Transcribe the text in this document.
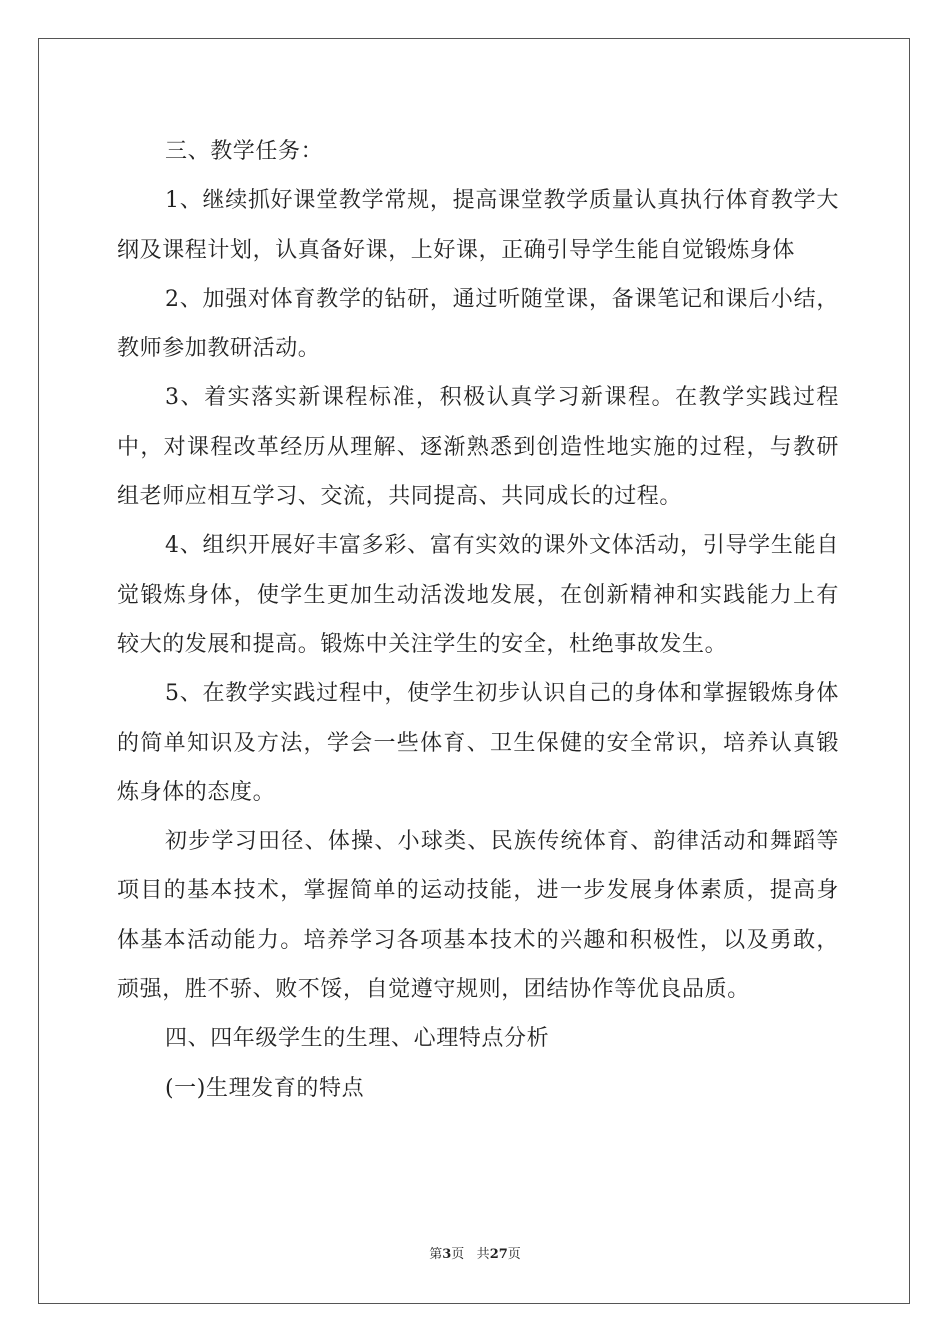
三、教学任务：

1、继续抓好课堂教学常规，提高课堂教学质量认真执行体育教学大纲及课程计划，认真备好课，上好课，正确引导学生能自觉锻炼身体

2、加强对体育教学的钻研，通过听随堂课，备课笔记和课后小结，教师参加教研活动。

3、着实落实新课程标准，积极认真学习新课程。在教学实践过程中，对课程改革经历从理解、逐渐熟悉到创造性地实施的过程，与教研组老师应相互学习、交流，共同提高、共同成长的过程。

4、组织开展好丰富多彩、富有实效的课外文体活动，引导学生能自觉锻炼身体，使学生更加生动活泼地发展，在创新精神和实践能力上有较大的发展和提高。锻炼中关注学生的安全，杜绝事故发生。

5、在教学实践过程中，使学生初步认识自己的身体和掌握锻炼身体的简单知识及方法，学会一些体育、卫生保健的安全常识，培养认真锻炼身体的态度。

初步学习田径、体操、小球类、民族传统体育、韵律活动和舞蹈等项目的基本技术，掌握简单的运动技能，进一步发展身体素质，提高身体基本活动能力。培养学习各项基本技术的兴趣和积极性，以及勇敢，顽强，胜不骄、败不馁，自觉遵守规则，团结协作等优良品质。

四、四年级学生的生理、心理特点分析

(一)生理发育的特点

第3页 共27页
